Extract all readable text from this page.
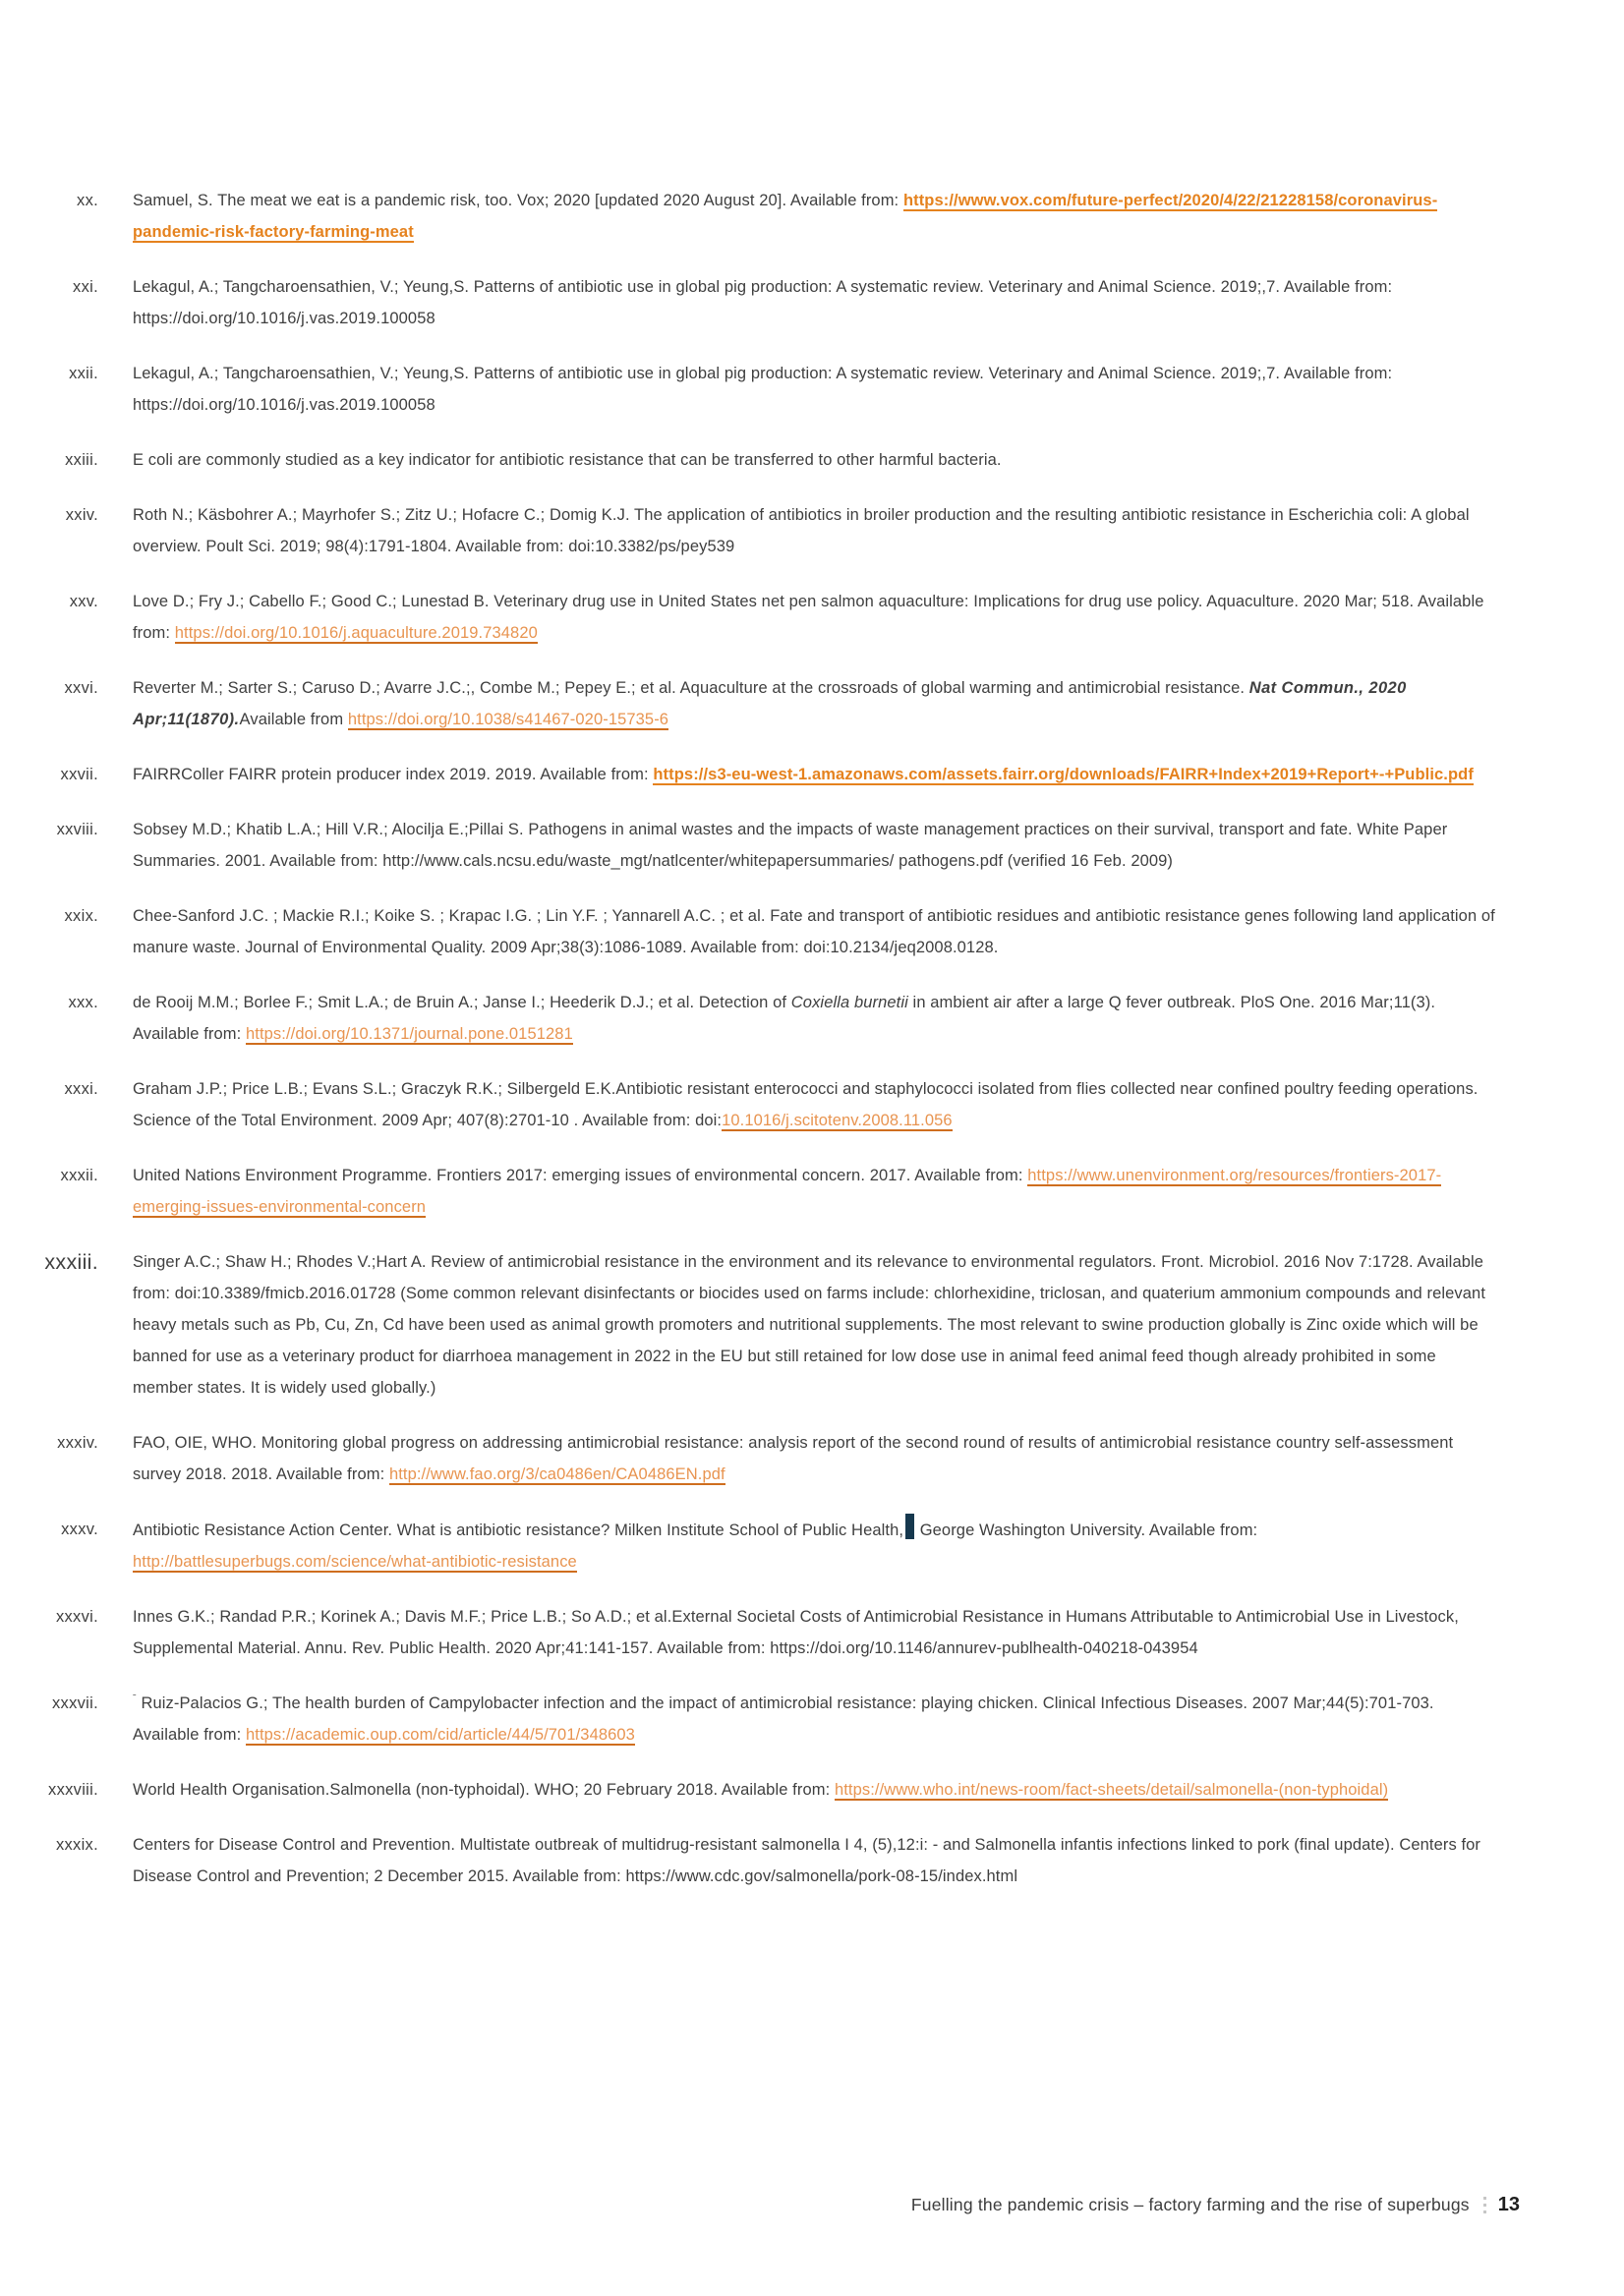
xx. Samuel, S. The meat we eat is a pandemic risk, too. Vox; 2020 [updated 2020 August 20]. Available from: https://www.vox.com/future-perfect/2020/4/22/21228158/coronavirus-pandemic-risk-factory-farming-meat
xxi. Lekagul, A.; Tangcharoensathien, V.; Yeung,S. Patterns of antibiotic use in global pig production: A systematic review. Veterinary and Animal Science. 2019;,7. Available from: https://doi.org/10.1016/j.vas.2019.100058
xxii. Lekagul, A.; Tangcharoensathien, V.; Yeung,S. Patterns of antibiotic use in global pig production: A systematic review. Veterinary and Animal Science. 2019;,7. Available from: https://doi.org/10.1016/j.vas.2019.100058
xxiii. E coli are commonly studied as a key indicator for antibiotic resistance that can be transferred to other harmful bacteria.
xxiv. Roth N.; Käsbohrer A.; Mayrhofer S.; Zitz U.; Hofacre C.; Domig K.J. The application of antibiotics in broiler production and the resulting antibiotic resistance in Escherichia coli: A global overview. Poult Sci. 2019; 98(4):1791-1804. Available from: doi:10.3382/ps/pey539
xxv. Love D.; Fry J.; Cabello F.; Good C.; Lunestad B. Veterinary drug use in United States net pen salmon aquaculture: Implications for drug use policy. Aquaculture. 2020 Mar; 518. Available from: https://doi.org/10.1016/j.aquaculture.2019.734820
xxvi. Reverter M.; Sarter S.; Caruso D.; Avarre J.C.;, Combe M.; Pepey E.; et al. Aquaculture at the crossroads of global warming and antimicrobial resistance. Nat Commun., 2020 Apr;11(1870).Available from https://doi.org/10.1038/s41467-020-15735-6
xxvii. FAIRRColler FAIRR protein producer index 2019. 2019. Available from: https://s3-eu-west-1.amazonaws.com/assets.fairr.org/downloads/FAIRR+Index+2019+Report+-+Public.pdf
xxviii. Sobsey M.D.; Khatib L.A.; Hill V.R.; Alocilja E.;Pillai S. Pathogens in animal wastes and the impacts of waste management practices on their survival, transport and fate. White Paper Summaries. 2001. Available from: http://www.cals.ncsu.edu/waste_mgt/natlcenter/whitepapersummaries/ pathogens.pdf (verified 16 Feb. 2009)
xxix. Chee-Sanford J.C. ; Mackie R.I.; Koike S. ; Krapac I.G. ; Lin Y.F. ; Yannarell A.C. ; et al. Fate and transport of antibiotic residues and antibiotic resistance genes following land application of manure waste. Journal of Environmental Quality. 2009 Apr;38(3):1086-1089. Available from: doi:10.2134/jeq2008.0128.
xxx. de Rooij M.M.; Borlee F.; Smit L.A.; de Bruin A.; Janse I.; Heederik D.J.; et al. Detection of Coxiella burnetii in ambient air after a large Q fever outbreak. PloS One. 2016 Mar;11(3). Available from: https://doi.org/10.1371/journal.pone.0151281
xxxi. Graham J.P.; Price L.B.; Evans S.L.; Graczyk R.K.; Silbergeld E.K.Antibiotic resistant enterococci and staphylococci isolated from flies collected near confined poultry feeding operations. Science of the Total Environment. 2009 Apr; 407(8):2701-10 . Available from: doi:10.1016/j.scitotenv.2008.11.056
xxxii. United Nations Environment Programme. Frontiers 2017: emerging issues of environmental concern. 2017. Available from: https://www.unenvironment.org/resources/frontiers-2017-emerging-issues-environmental-concern
xxxiii. Singer A.C.; Shaw H.; Rhodes V.;Hart A. Review of antimicrobial resistance in the environment and its relevance to environmental regulators. Front. Microbiol. 2016 Nov 7:1728. Available from: doi:10.3389/fmicb.2016.01728 (Some common relevant disinfectants or biocides used on farms include: chlorhexidine, triclosan, and quaterium ammonium compounds and relevant heavy metals such as Pb, Cu, Zn, Cd have been used as animal growth promoters and nutritional supplements. The most relevant to swine production globally is Zinc oxide which will be banned for use as a veterinary product for diarrhoea management in 2022 in the EU but still retained for low dose use in animal feed animal feed though already prohibited in some member states. It is widely used globally.)
xxxiv. FAO, OIE, WHO. Monitoring global progress on addressing antimicrobial resistance: analysis report of the second round of results of antimicrobial resistance country self-assessment survey 2018. 2018. Available from: http://www.fao.org/3/ca0486en/CA0486EN.pdf
xxxv. Antibiotic Resistance Action Center. What is antibiotic resistance? Milken Institute School of Public Health, George Washington University. Available from: http://battlesuperbugs.com/science/what-antibiotic-resistance
xxxvi. Innes G.K.; Randad P.R.; Korinek A.; Davis M.F.; Price L.B.; So A.D.; et al.External Societal Costs of Antimicrobial Resistance in Humans Attributable to Antimicrobial Use in Livestock, Supplemental Material. Annu. Rev. Public Health. 2020 Apr;41:141-157. Available from: https://doi.org/10.1146/annurev-publhealth-040218-043954
xxxvii.	$^ˉ$ Ruiz-Palacios G.; The health burden of Campylobacter infection and the impact of antimicrobial resistance: playing chicken. Clinical Infectious Diseases. 2007 Mar;44(5):701-703. Available from: https://academic.oup.com/cid/article/44/5/701/348603
xxxviii. World Health Organisation.Salmonella (non-typhoidal). WHO; 20 February 2018. Available from: https://www.who.int/news-room/fact-sheets/detail/salmonella-(non-typhoidal)
xxxix. Centers for Disease Control and Prevention. Multistate outbreak of multidrug-resistant salmonella I 4, (5),12:i: - and Salmonella infantis infections linked to pork (final update). Centers for Disease Control and Prevention; 2 December 2015. Available from: https://www.cdc.gov/salmonella/pork-08-15/index.html
Fuelling the pandemic crisis – factory farming and the rise of superbugs 13
